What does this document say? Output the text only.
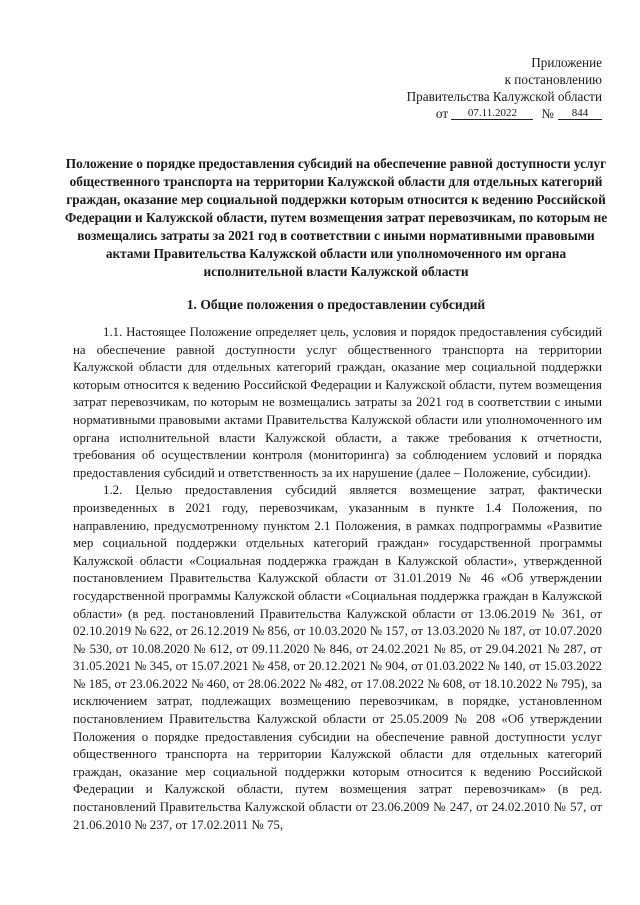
Приложение
к постановлению
Правительства Калужской области
от 07.11.2022 № 844
Положение о порядке предоставления субсидий на обеспечение равной доступности услуг общественного транспорта на территории Калужской области для отдельных категорий граждан, оказание мер социальной поддержки которым относится к ведению Российской Федерации и Калужской области, путем возмещения затрат перевозчикам, по которым не возмещались затраты за 2021 год в соответствии с иными нормативными правовыми актами Правительства Калужской области или уполномоченного им органа исполнительной власти Калужской области
1. Общие положения о предоставлении субсидий

1.1. Настоящее Положение определяет цель, условия и порядок предоставления субсидий на обеспечение равной доступности услуг общественного транспорта на территории Калужской области для отдельных категорий граждан, оказание мер социальной поддержки которым относится к ведению Российской Федерации и Калужской области, путем возмещения затрат перевозчикам, по которым не возмещались затраты за 2021 год в соответствии с иными нормативными правовыми актами Правительства Калужской области или уполномоченного им органа исполнительной власти Калужской области, а также требования к отчетности, требования об осуществлении контроля (мониторинга) за соблюдением условий и порядка предоставления субсидий и ответственность за их нарушение (далее – Положение, субсидии).

1.2. Целью предоставления субсидий является возмещение затрат, фактически произведенных в 2021 году, перевозчикам, указанным в пункте 1.4 Положения, по направлению, предусмотренному пунктом 2.1 Положения, в рамках подпрограммы «Развитие мер социальной поддержки отдельных категорий граждан» государственной программы Калужской области «Социальная поддержка граждан в Калужской области», утвержденной постановлением Правительства Калужской области от 31.01.2019 № 46 «Об утверждении государственной программы Калужской области «Социальная поддержка граждан в Калужской области» (в ред. постановлений Правительства Калужской области от 13.06.2019 № 361, от 02.10.2019 № 622, от 26.12.2019 № 856, от 10.03.2020 № 157, от 13.03.2020 № 187, от 10.07.2020 № 530, от 10.08.2020 № 612, от 09.11.2020 № 846, от 24.02.2021 № 85, от 29.04.2021 № 287, от 31.05.2021 № 345, от 15.07.2021 № 458, от 20.12.2021 № 904, от 01.03.2022 № 140, от 15.03.2022 № 185, от 23.06.2022 № 460, от 28.06.2022 № 482, от 17.08.2022 № 608, от 18.10.2022 № 795), за исключением затрат, подлежащих возмещению перевозчикам, в порядке, установленном постановлением Правительства Калужской области от 25.05.2009 № 208 «Об утверждении Положения о порядке предоставления субсидии на обеспечение равной доступности услуг общественного транспорта на территории Калужской области для отдельных категорий граждан, оказание мер социальной поддержки которым относится к ведению Российской Федерации и Калужской области, путем возмещения затрат перевозчикам» (в ред. постановлений Правительства Калужской области от 23.06.2009 № 247, от 24.02.2010 № 57, от 21.06.2010 № 237, от 17.02.2011 № 75,
